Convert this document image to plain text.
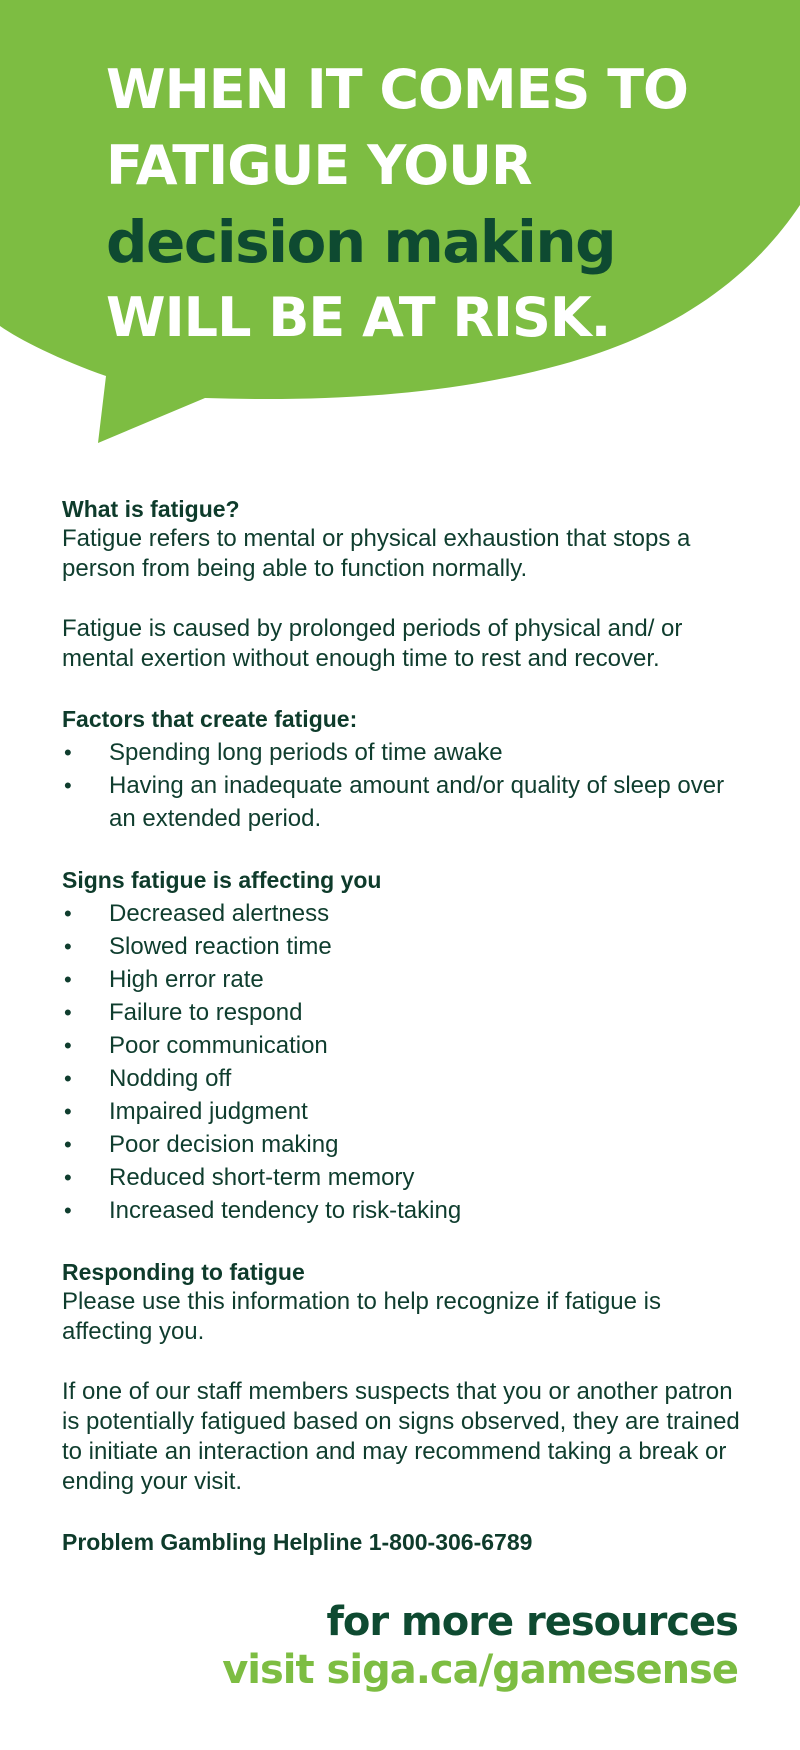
WHEN IT COMES TO
FATIGUE YOUR
decision making
WILL BE AT RISK.
What is fatigue?

Fatigue refers to mental or physical exhaustion that stops a person from being able to function normally.

Fatigue is caused by prolonged periods of physical and/ or mental exertion without enough time to rest and recover.

Factors that create fatigue:
• Spending long periods of time awake
• Having an inadequate amount and/or quality of sleep over an extended period.
Signs fatigue is affecting you
• Decreased alertness
• Slowed reaction time
• High error rate
• Failure to respond
• Poor communication
• Nodding off
• Impaired judgment
• Poor decision making
• Reduced short-term memory
• Increased tendency to risk-taking
Responding to fatigue

Please use this information to help recognize if fatigue is affecting you.

If one of our staff members suspects that you or another patron is potentially fatigued based on signs observed, they are trained to initiate an interaction and may recommend taking a break or ending your visit.

Problem Gambling Helpline 1-800-306-6789
for more resources
visit siga.ca/gamesense
